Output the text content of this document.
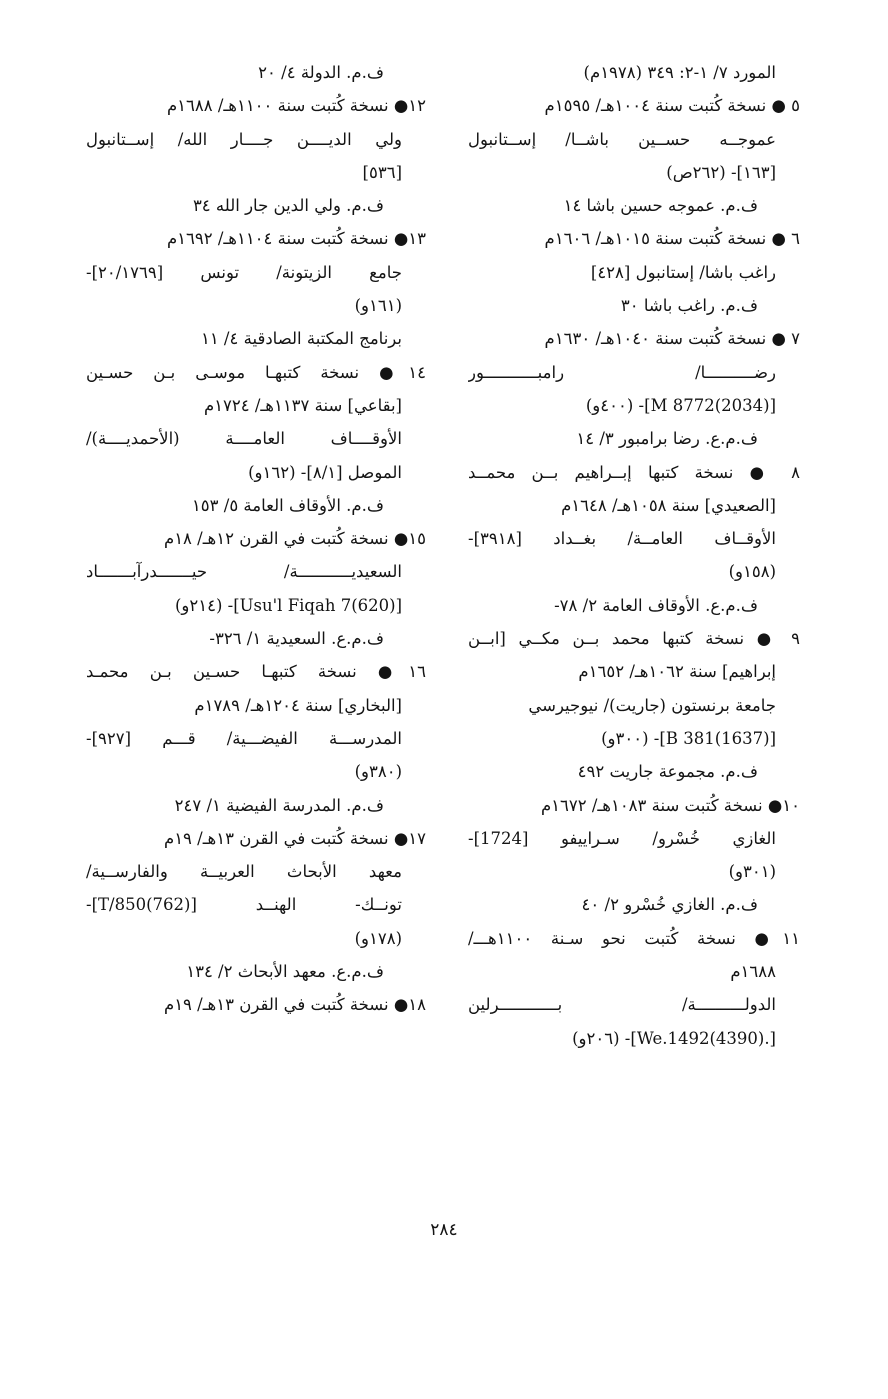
المورد ٧/ ١-٢: ٣٤٩ (١٩٧٨م)
٥ ● نسخة كُتبت سنة ١٠٠٤هـ/ ١٥٩٥م
عموجــه حســين باشــا/ إســتانبول
[١٦٣]- (٢٦٢ص)
ف.م. عموجه حسين باشا ١٤
٦ ● نسخة كُتبت سنة ١٠١٥هـ/ ١٦٠٦م
راغب باشا/ إستانبول [٤٢٨]
ف.م. راغب باشا ٣٠
٧ ● نسخة كُتبت سنة ١٠٤٠هـ/ ١٦٣٠م
رضــــــــــا/ رامبـــــــــــور
[M 8772(2034)]- (٤٠٠و)
ف.م.ع. رضا برامبور ٣/ ١٤
٨ ● نسخة كتبها إبــراهيم بــن محمــد
[الصعيدي] سنة ١٠٥٨هـ/ ١٦٤٨م
الأوقــاف العامــة/ بغــداد [٣٩١٨]-
(١٥٨و)
ف.م.ع. الأوقاف العامة ٢/ ٧٨-
٩ ● نسخة كتبها محمد بــن مكــي [ابــن
إبراهيم] سنة ١٠٦٢هـ/ ١٦٥٢م
جامعة برنستون (جاريت)/ نيوجيرسي
[B 381(1637)]- (٣٠٠و)
ف.م. مجموعة جاريت ٤٩٢
١٠● نسخة كُتبت سنة ١٠٨٣هـ/ ١٦٧٢م
الغازي خُسْرو/ سـراييفو [1724]-
(٣٠١و)
ف.م. الغازي خُسْرو ٢/ ٤٠
١١● نسخة كُتبت نحو سـنة ١١٠٠هـــ/
١٦٨٨م
الدولــــــــــة/ بــــــــــــرلين
[.We.1492(4390)]- (٢٠٦و)
ف.م. الدولة ٤/ ٢٠
١٢● نسخة كُتبت سنة ١١٠٠هـ/ ١٦٨٨م
ولي الديــــن جــــار الله/ إســتانبول
[٥٣٦]
ف.م. ولي الدين جار الله ٣٤
١٣● نسخة كُتبت سنة ١١٠٤هـ/ ١٦٩٢م
جامع الزيتونة/ تونس [٢٠/١٧٦٩]-
(١٦١و)
برنامج المكتبة الصادقية ٤/ ١١
١٤● نسخة كتبهـا موسـى بـن حسـين
[بقاعي] سنة ١١٣٧هـ/ ١٧٢٤م
الأوقــــاف العامــــة (الأحمديــــة)/
الموصل [٨/١]- (١٦٢و)
ف.م. الأوقاف العامة ٥/ ١٥٣
١٥● نسخة كُتبت في القرن ١٢هـ/ ١٨م
السعيديـــــــــــة/ حيـــــــدرآبـــــــاد
[Usu'l Fiqah 7(620)]- (٢١٤و)
ف.م.ع. السعيدية ١/ ٣٢٦-
١٦● نسخة كتبهـا حسـين بـن محمـد
[البخاري] سنة ١٢٠٤هـ/ ١٧٨٩م
المدرســـة الفيضـــية/ قـــم [٩٢٧]-
(٣٨٠و)
ف.م. المدرسة الفيضية ١/ ٢٤٧
١٧● نسخة كُتبت في القرن ١٣هـ/ ١٩م
معهد الأبحاث العربيــة والفارســية/
تونــك- الهنــد [T/850(762)]-
(١٧٨و)
ف.م.ع. معهد الأبحاث ٢/ ١٣٤
١٨● نسخة كُتبت في القرن ١٣هـ/ ١٩م
٢٨٤
